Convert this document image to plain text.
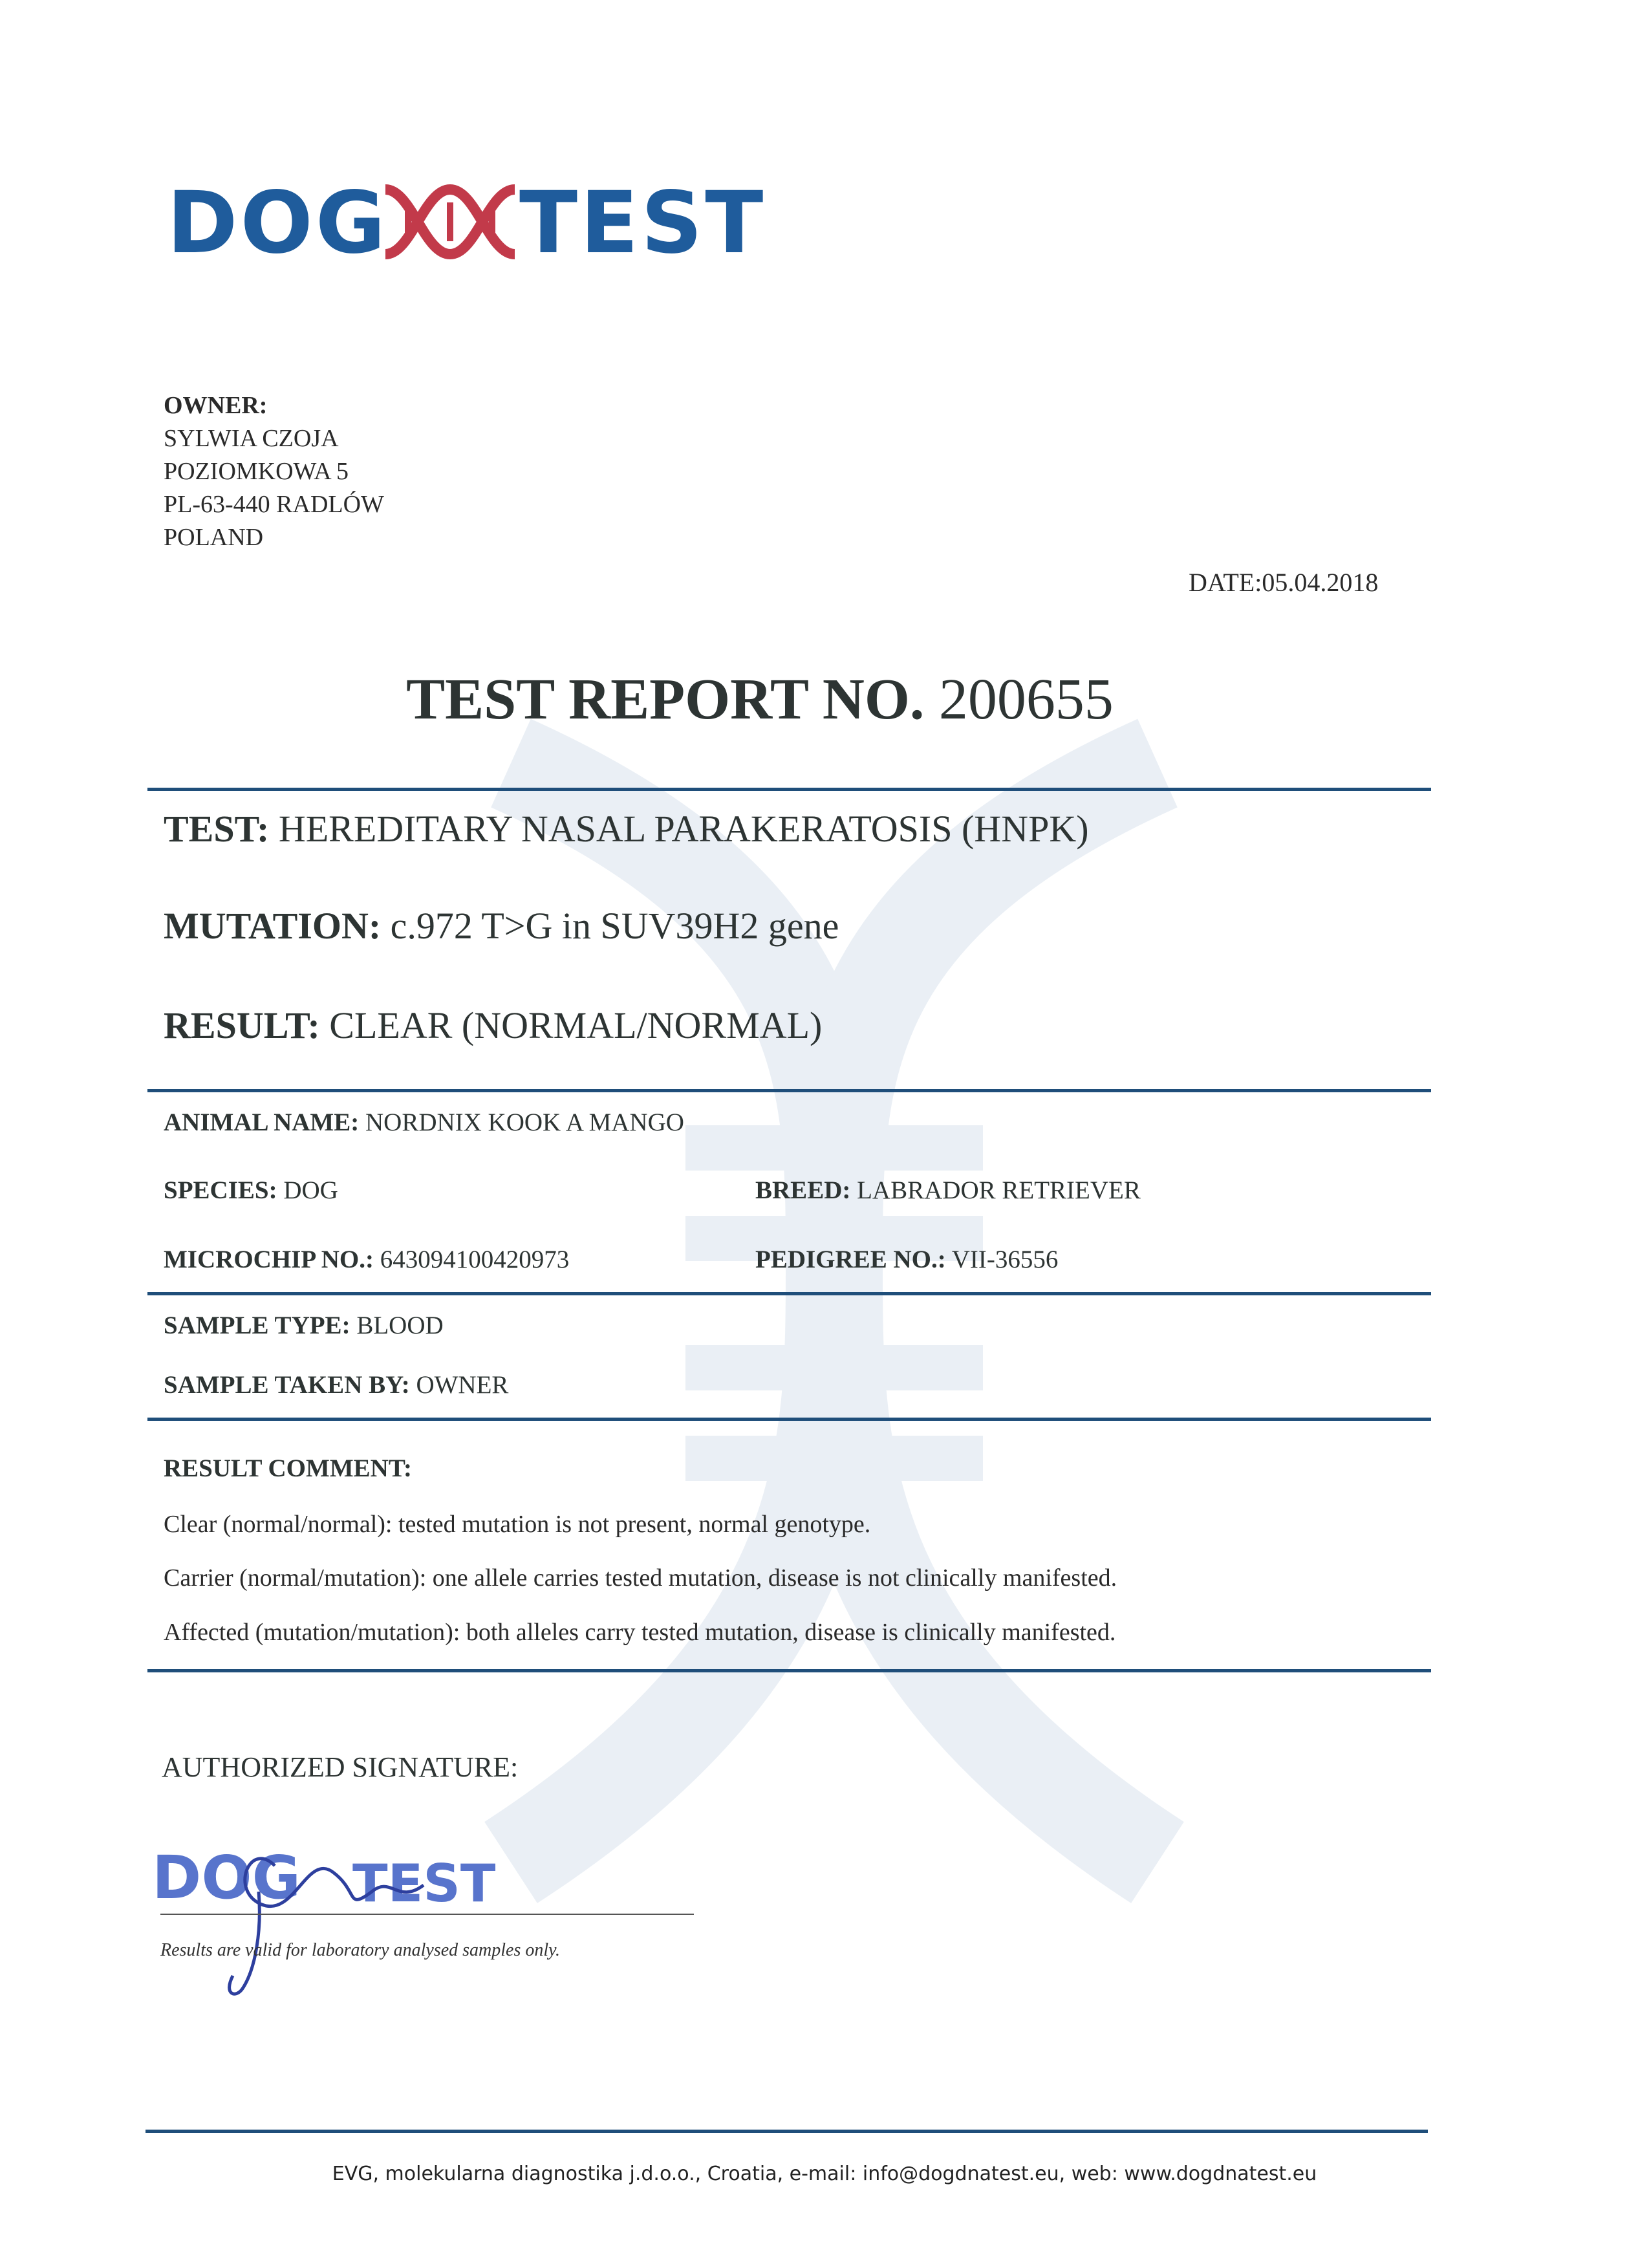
DOG TEST
OWNER:
SYLWIA CZOJA
POZIOMKOWA 5
PL-63-440 RADLÓW
POLAND
DATE:05.04.2018
TEST REPORT NO. 200655
TEST: HEREDITARY NASAL PARAKERATOSIS (HNPK)
MUTATION: c.972 T>G in SUV39H2 gene
RESULT: CLEAR (NORMAL/NORMAL)
ANIMAL NAME: NORDNIX KOOK A MANGO
SPECIES: DOG	BREED: LABRADOR RETRIEVER
MICROCHIP NO.: 643094100420973	PEDIGREE NO.: VII-36556
SAMPLE TYPE: BLOOD
SAMPLE TAKEN BY: OWNER
RESULT COMMENT:
Clear (normal/normal): tested mutation is not present, normal genotype.
Carrier (normal/mutation): one allele carries tested mutation, disease is not clinically manifested.
Affected (mutation/mutation): both alleles carry tested mutation, disease is clinically manifested.
AUTHORIZED SIGNATURE:
DOG TEST
Results are valid for laboratory analysed samples only.
EVG, molekularna diagnostika j.d.o.o., Croatia, e-mail: info@dogdnatest.eu, web: www.dogdnatest.eu
